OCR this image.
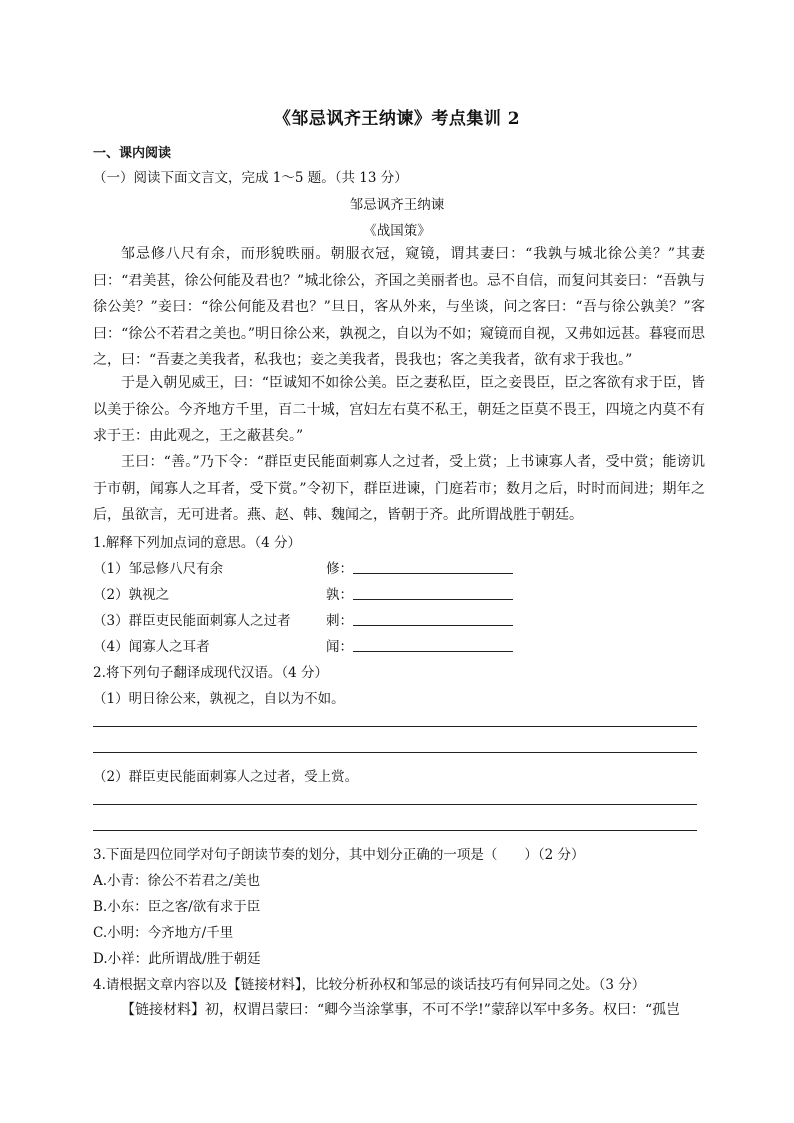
《邹忌讽齐王纳谏》考点集训 2
一、课内阅读
（一）阅读下面文言文，完成 1～5 题。（共 13 分）
邹忌讽齐王纳谏
《战国策》
邹忌修八尺有余，而形貌昳丽。朝服衣冠，窥镜，谓其妻曰：“我孰与城北徐公美？”其妻曰：“君美甚，徐公何能及君也？”城北徐公，齐国之美丽者也。忌不自信，而复问其妾曰：“吾孰与徐公美？”妾曰：“徐公何能及君也？”旦日，客从外来，与坐谈，问之客曰：“吾与徐公孰美？”客曰：“徐公不若君之美也。”明日徐公来，孰视之，自以为不如；窥镜而自视，又弗如远甚。暮寝而思之，曰：“吾妻之美我者，私我也；妾之美我者，畏我也；客之美我者，欲有求于我也。”
于是入朝见威王，曰：“臣诚知不如徐公美。臣之妻私臣，臣之妾畏臣，臣之客欲有求于臣，皆以美于徐公。今齐地方千里，百二十城，宫妇左右莫不私王，朝廷之臣莫不畏王，四境之内莫不有求于王：由此观之，王之蔽甚矣。”
王曰：“善。”乃下令：“群臣吏民能面刺寡人之过者，受上赏；上书谏寡人者，受中赏；能谤讥于市朝，闻寡人之耳者，受下赏。”令初下，群臣进谏，门庭若市；数月之后，时时而间进；期年之后，虽欲言，无可进者。燕、赵、韩、魏闻之，皆朝于齐。此所谓战胜于朝廷。
1.解释下列加点词的意思。（4 分）
（1）邹忌修八尺有余	修：
（2）孰视之	孰：
（3）群臣吏民能面刺寡人之过者	刺：
（4）闻寡人之耳者	闻：
2.将下列句子翻译成现代汉语。（4 分）
（1）明日徐公来，孰视之，自以为不如。
（2）群臣吏民能面刺寡人之过者，受上赏。
3.下面是四位同学对句子朗读节奏的划分，其中划分正确的一项是（　　）（2 分）
A.小青：徐公不若君之/美也
B.小东：臣之客/欲有求于臣
C.小明：今齐地方/千里
D.小祥：此所谓战/胜于朝廷
4.请根据文章内容以及【链接材料】，比较分析孙权和邹忌的谈话技巧有何异同之处。（3 分）
【链接材料】初，权谓吕蒙曰：“卿今当涂掌事，不可不学!”蒙辞以军中多务。权曰：“孤岂
